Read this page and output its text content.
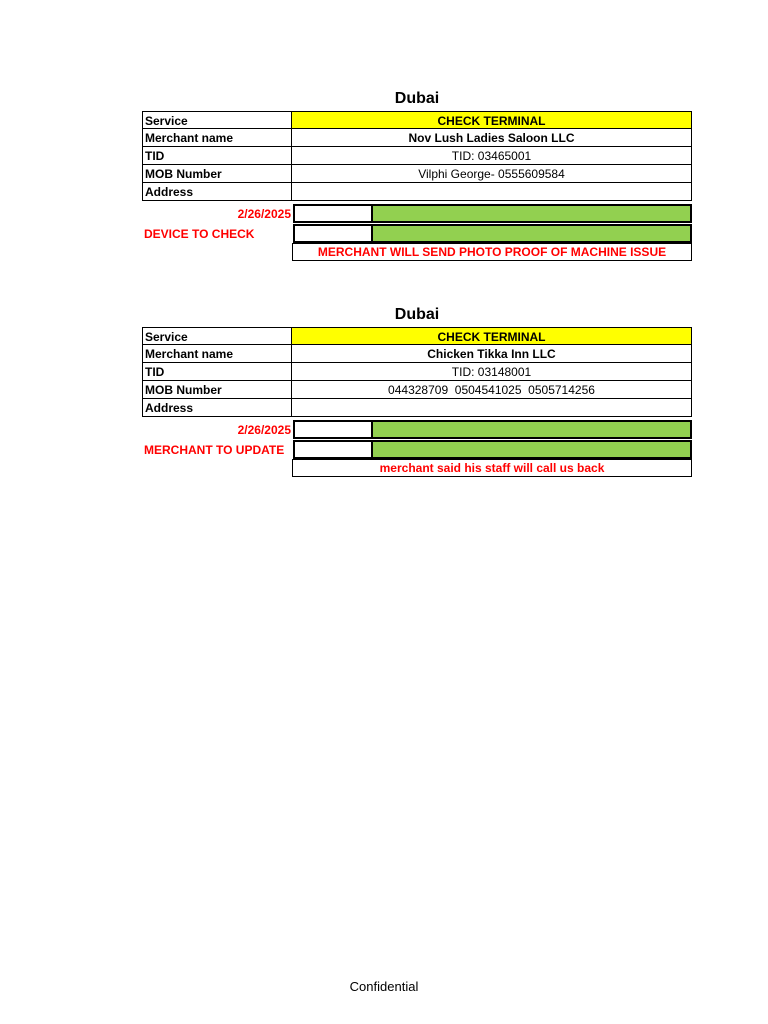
Dubai
Service	CHECK TERMINAL
Merchant name	Nov Lush Ladies Saloon LLC
TID	TID: 03465001
MOB Number	Vilphi George- 0555609584
Address
2/26/2025
DEVICE TO CHECK
MERCHANT WILL SEND PHOTO PROOF OF MACHINE ISSUE
Dubai
Service	CHECK TERMINAL
Merchant name	Chicken Tikka Inn LLC
TID	TID: 03148001
MOB Number	044328709  0504541025  0505714256
Address
2/26/2025
MERCHANT TO UPDATE
merchant said his staff will call us back
Confidential
